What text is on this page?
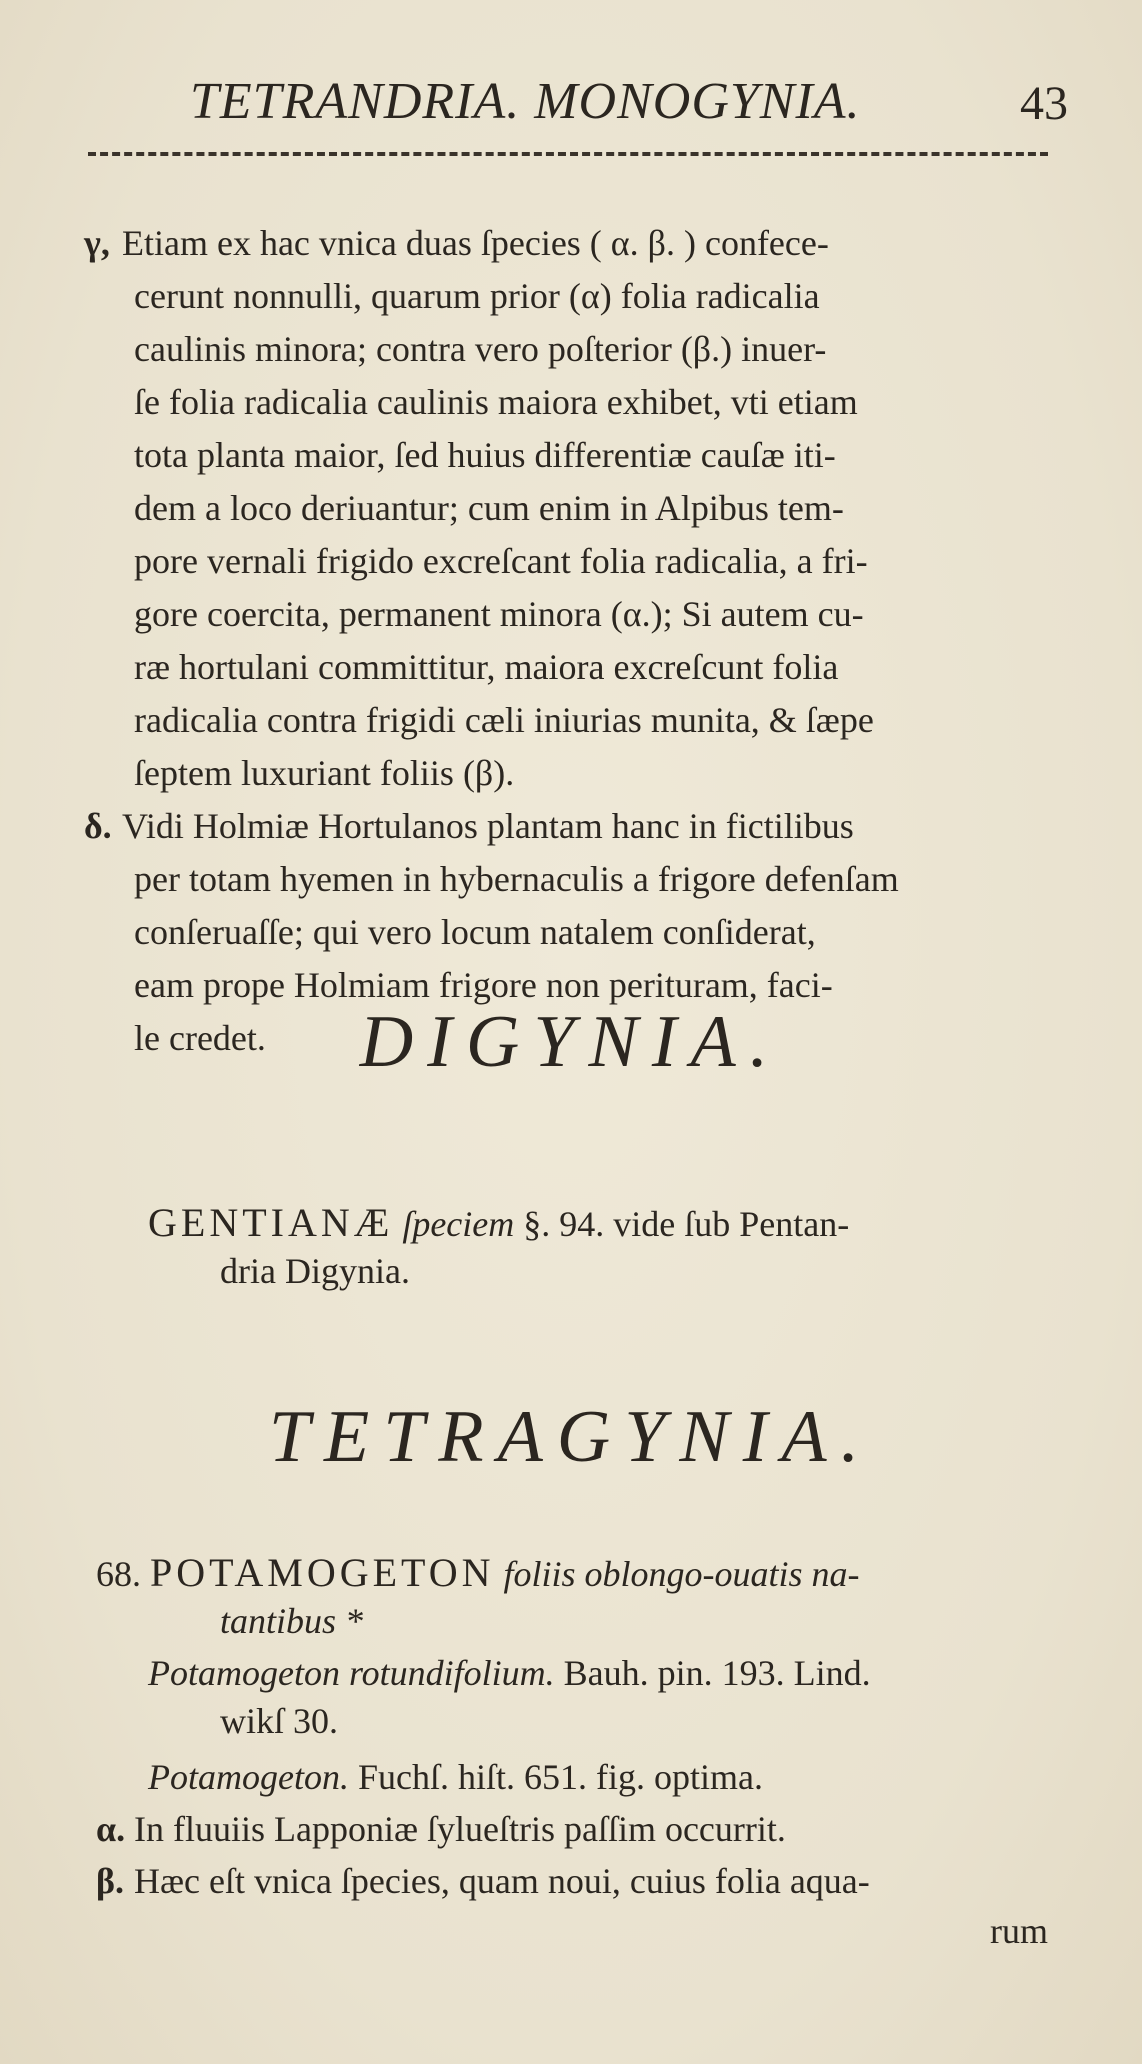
TETRANDRIA. MONOGYNIA.	43
γ, Etiam ex hac vnica duas ſpecies ( α. β. ) confece-
cerunt nonnulli, quarum prior (α) folia radicalia
caulinis minora; contra vero poſterior (β.) inuer-
ſe folia radicalia caulinis maiora exhibet, vti etiam
tota planta maior, ſed huius differentiæ cauſæ iti-
dem a loco deriuantur; cum enim in Alpibus tem-
pore vernali frigido excreſcant folia radicalia, a fri-
gore coercita, permanent minora (α.); Si autem cu-
ræ hortulani committitur, maiora excreſcunt folia
radicalia contra frigidi cæli iniurias munita, & ſæpe
ſeptem luxuriant foliis (β).
δ. Vidi Holmiæ Hortulanos plantam hanc in fictilibus
per totam hyemen in hybernaculis a frigore defenſam
conſeruaſſe; qui vero locum natalem conſiderat,
eam prope Holmiam frigore non perituram, faci-
le credet.	DIGYNIA.
GENTIANÆ ſpeciem §. 94. vide ſub Pentan-
dria Digynia.
TETRAGYNIA.
68. POTAMOGETON foliis oblongo-ouatis na-
tantibus *
Potamogeton rotundifolium. Bauh. pin. 193. Lind.
wikſ 30.
Potamogeton. Fuchſ. hiſt. 651. fig. optima.
α. In fluuiis Lapponiæ ſylueſtris paſſim occurrit.
β. Hæc eſt vnica ſpecies, quam noui, cuius folia aqua-
rum
